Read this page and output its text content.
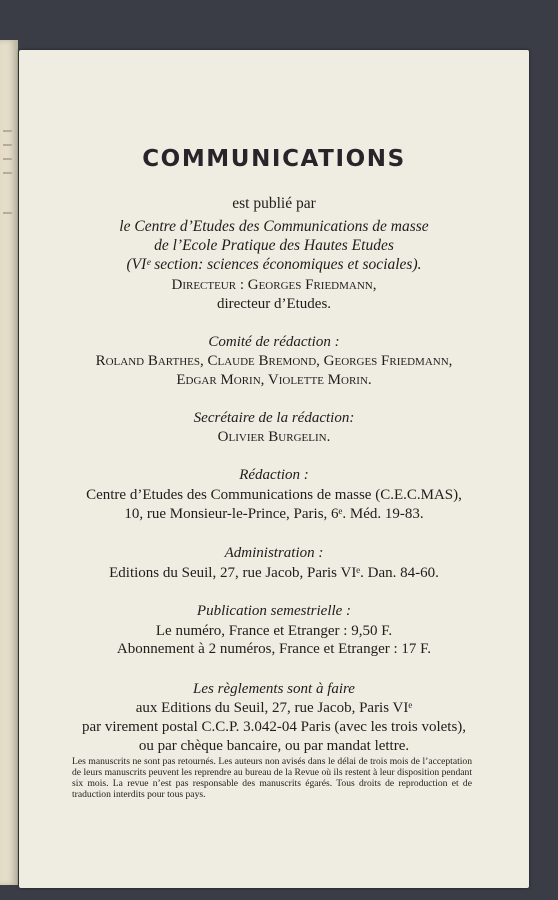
COMMUNICATIONS
est publié par
le Centre d’Etudes des Communications de masse
de l’Ecole Pratique des Hautes Etudes
(VIᵉ section: sciences économiques et sociales).
Directeur : Georges Friedmann,
directeur d’Etudes.
Comité de rédaction :
Roland Barthes, Claude Bremond, Georges Friedmann,
Edgar Morin, Violette Morin.
Secrétaire de la rédaction:
Olivier Burgelin.
Rédaction :
Centre d’Etudes des Communications de masse (C.E.C.MAS),
10, rue Monsieur-le-Prince, Paris, 6ᵉ. Méd. 19-83.
Administration :
Editions du Seuil, 27, rue Jacob, Paris VIᵉ. Dan. 84-60.
Publication semestrielle :
Le numéro, France et Etranger : 9,50 F.
Abonnement à 2 numéros, France et Etranger : 17 F.
Les règlements sont à faire
aux Editions du Seuil, 27, rue Jacob, Paris VIᵉ
par virement postal C.C.P. 3.042-04 Paris (avec les trois volets),
ou par chèque bancaire, ou par mandat lettre.
Les manuscrits ne sont pas retournés. Les auteurs non avisés dans le délai de trois mois de l’acceptation de leurs manuscrits peuvent les reprendre au bureau de la Revue où ils restent à leur disposition pendant six mois. La revue n’est pas responsable des manuscrits égarés. Tous droits de reproduction et de traduction interdits pour tous pays.
